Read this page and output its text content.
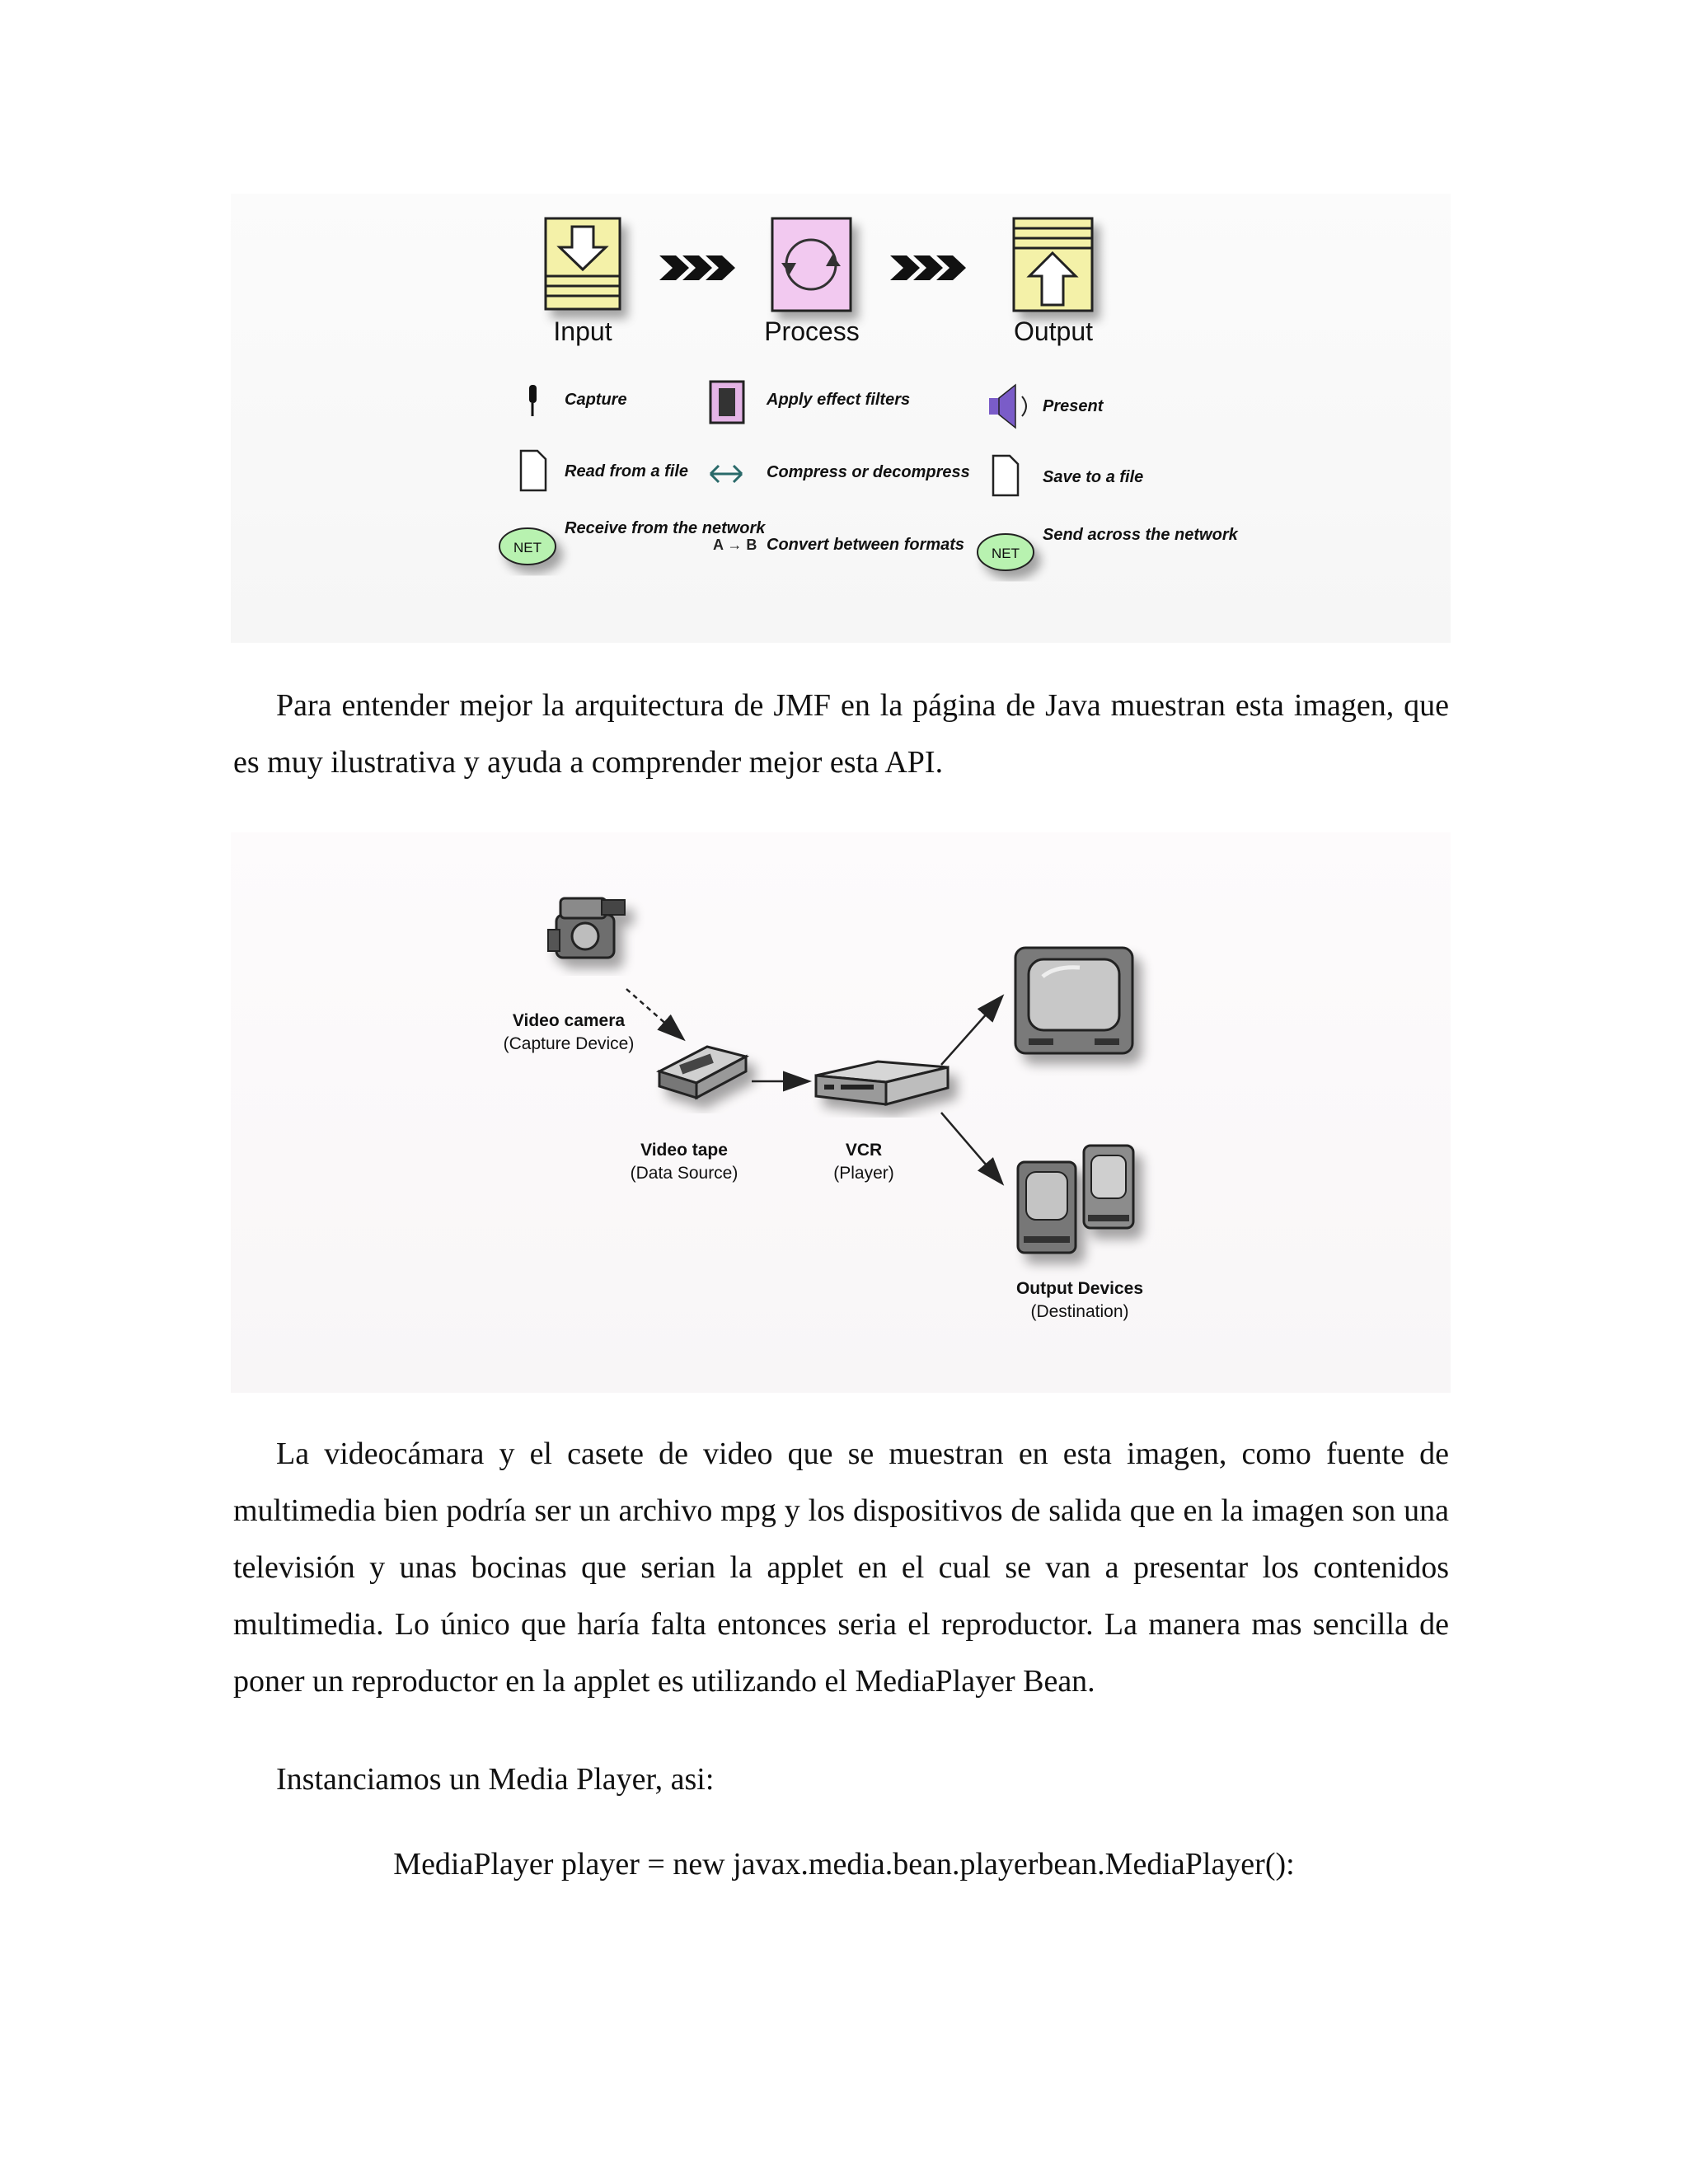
Input	Process	Output
Capture
Read from a file
NET
Receive from the network
Apply effect filters
Compress or decompress
A → B Convert between formats
Present
Save to a file
NET
Send across the network

Para entender mejor la arquitectura de JMF en la página de Java muestran esta imagen, que es muy ilustrativa y ayuda a comprender mejor esta API.

Video camera
(Capture Device)
Video tape
(Data Source)
VCR
(Player)
Output Devices
(Destination)

La videocámara y el casete de video que se muestran en esta imagen, como fuente de multimedia bien podría ser un archivo mpg y los dispositivos de salida que en la imagen son una televisión y unas bocinas que serian la applet en el cual se van a presentar los contenidos multimedia. Lo único que haría falta entonces seria el reproductor. La manera mas sencilla de poner un reproductor en la applet es utilizando el MediaPlayer Bean.

Instanciamos un Media Player, asi:

MediaPlayer player = new javax.media.bean.playerbean.MediaPlayer():
